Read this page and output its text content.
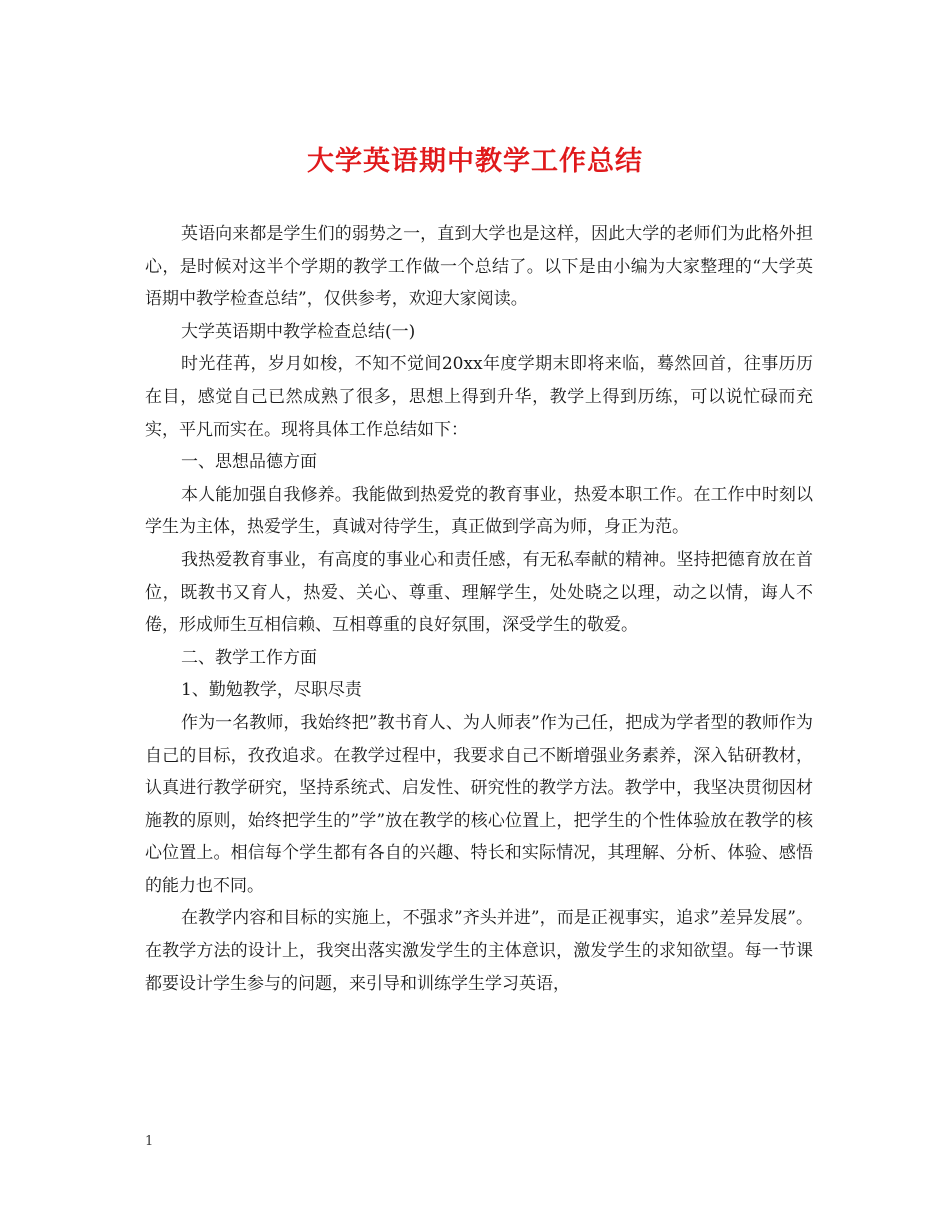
大学英语期中教学工作总结

英语向来都是学生们的弱势之一，直到大学也是这样，因此大学的老师们为此格外担心，是时候对这半个学期的教学工作做一个总结了。以下是由小编为大家整理的“大学英语期中教学检查总结”，仅供参考，欢迎大家阅读。

大学英语期中教学检查总结(一)

时光荏苒，岁月如梭，不知不觉间20xx年度学期末即将来临，蓦然回首，往事历历在目，感觉自己已然成熟了很多，思想上得到升华，教学上得到历练，可以说忙碌而充实，平凡而实在。现将具体工作总结如下：

一、思想品德方面

本人能加强自我修养。我能做到热爱党的教育事业，热爱本职工作。在工作中时刻以学生为主体，热爱学生，真诚对待学生，真正做到学高为师，身正为范。

我热爱教育事业，有高度的事业心和责任感，有无私奉献的精神。坚持把德育放在首位，既教书又育人，热爱、关心、尊重、理解学生，处处晓之以理，动之以情，诲人不倦，形成师生互相信赖、互相尊重的良好氛围，深受学生的敬爱。

二、教学工作方面

1、勤勉教学，尽职尽责

作为一名教师，我始终把”教书育人、为人师表”作为己任，把成为学者型的教师作为自己的目标，孜孜追求。在教学过程中，我要求自己不断增强业务素养，深入钻研教材，认真进行教学研究，坚持系统式、启发性、研究性的教学方法。教学中，我坚决贯彻因材施教的原则，始终把学生的”学”放在教学的核心位置上，把学生的个性体验放在教学的核心位置上。相信每个学生都有各自的兴趣、特长和实际情况，其理解、分析、体验、感悟的能力也不同。

在教学内容和目标的实施上，不强求”齐头并进”，而是正视事实，追求”差异发展”。在教学方法的设计上，我突出落实激发学生的主体意识，激发学生的求知欲望。每一节课都要设计学生参与的问题，来引导和训练学生学习英语，

1
